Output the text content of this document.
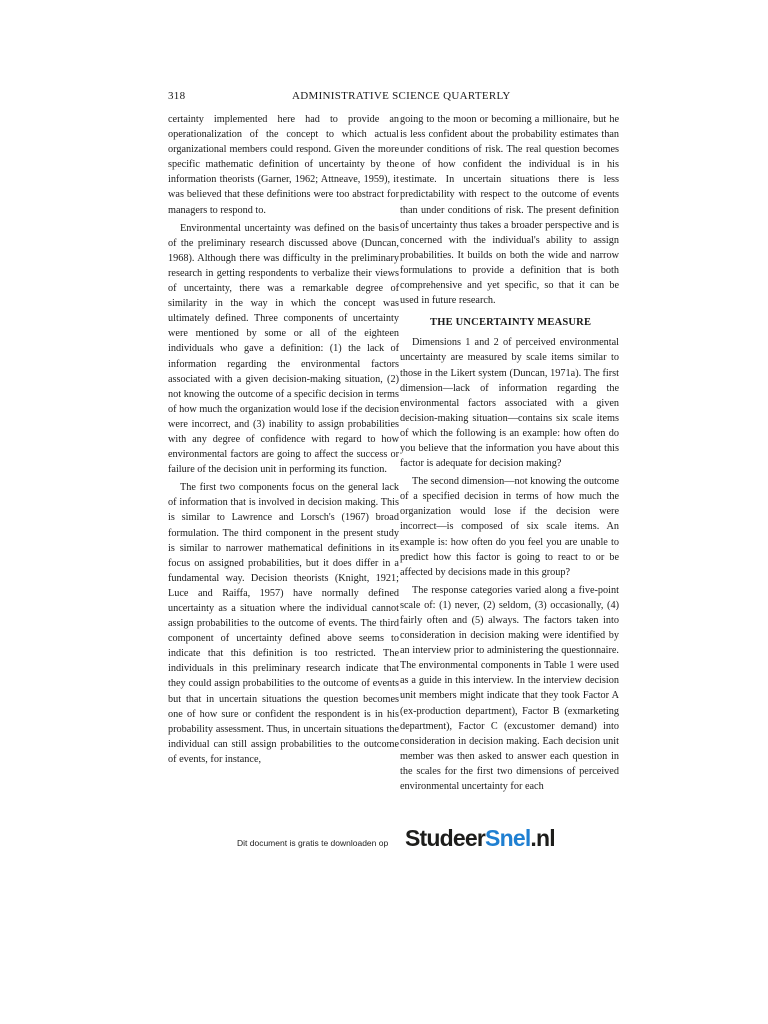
318	ADMINISTRATIVE SCIENCE QUARTERLY

certainty implemented here had to provide an operationalization of the concept to which actual organizational members could respond. Given the more specific mathematic definition of uncertainty by the information theorists (Garner, 1962; Attneave, 1959), it was believed that these definitions were too abstract for managers to respond to.

Environmental uncertainty was defined on the basis of the preliminary research discussed above (Duncan, 1968). Although there was difficulty in the preliminary research in getting respondents to verbalize their views of uncertainty, there was a remarkable degree of similarity in the way in which the concept was ultimately defined. Three components of uncertainty were mentioned by some or all of the eighteen individuals who gave a definition: (1) the lack of information regarding the environmental factors associated with a given decision-making situation, (2) not knowing the outcome of a specific decision in terms of how much the organization would lose if the decision were incorrect, and (3) inability to assign probabilities with any degree of confidence with regard to how environmental factors are going to affect the success or failure of the decision unit in performing its function.

The first two components focus on the general lack of information that is involved in decision making. This is similar to Lawrence and Lorsch's (1967) broad formulation. The third component in the present study is similar to narrower mathematical definitions in its focus on assigned probabilities, but it does differ in a fundamental way. Decision theorists (Knight, 1921; Luce and Raiffa, 1957) have normally defined uncertainty as a situation where the individual cannot assign probabilities to the outcome of events. The third component of uncertainty defined above seems to indicate that this definition is too restricted. The individuals in this preliminary research indicate that they could assign probabilities to the outcome of events but that in uncertain situations the question becomes one of how sure or confident the respondent is in his probability assessment. Thus, in uncertain situations the individual can still assign probabilities to the outcome of events, for instance,

going to the moon or becoming a millionaire, but he is less confident about the probability estimates than under conditions of risk. The real question becomes one of how confident the individual is in his estimate. In uncertain situations there is less predictability with respect to the outcome of events than under conditions of risk. The present definition of uncertainty thus takes a broader perspective and is concerned with the individual's ability to assign probabilities. It builds on both the wide and narrow formulations to provide a definition that is both comprehensive and yet specific, so that it can be used in future research.

THE UNCERTAINTY MEASURE

Dimensions 1 and 2 of perceived environmental uncertainty are measured by scale items similar to those in the Likert system (Duncan, 1971a). The first dimension—lack of information regarding the environmental factors associated with a given decision-making situation—contains six scale items of which the following is an example: how often do you believe that the information you have about this factor is adequate for decision making?

The second dimension—not knowing the outcome of a specified decision in terms of how much the organization would lose if the decision were incorrect—is composed of six scale items. An example is: how often do you feel you are unable to predict how this factor is going to react to or be affected by decisions made in this group?

The response categories varied along a five-point scale of: (1) never, (2) seldom, (3) occasionally, (4) fairly often and (5) always. The factors taken into consideration in decision making were identified by an interview prior to administering the questionnaire. The environmental components in Table 1 were used as a guide in this interview. In the interview decision unit members might indicate that they took Factor A (ex-production department), Factor B (exmarketing department), Factor C (excustomer demand) into consideration in decision making. Each decision unit member was then asked to answer each question in the scales for the first two dimensions of perceived environmental uncertainty for each

Dit document is gratis te downloaden op StudeerSnel.nl
